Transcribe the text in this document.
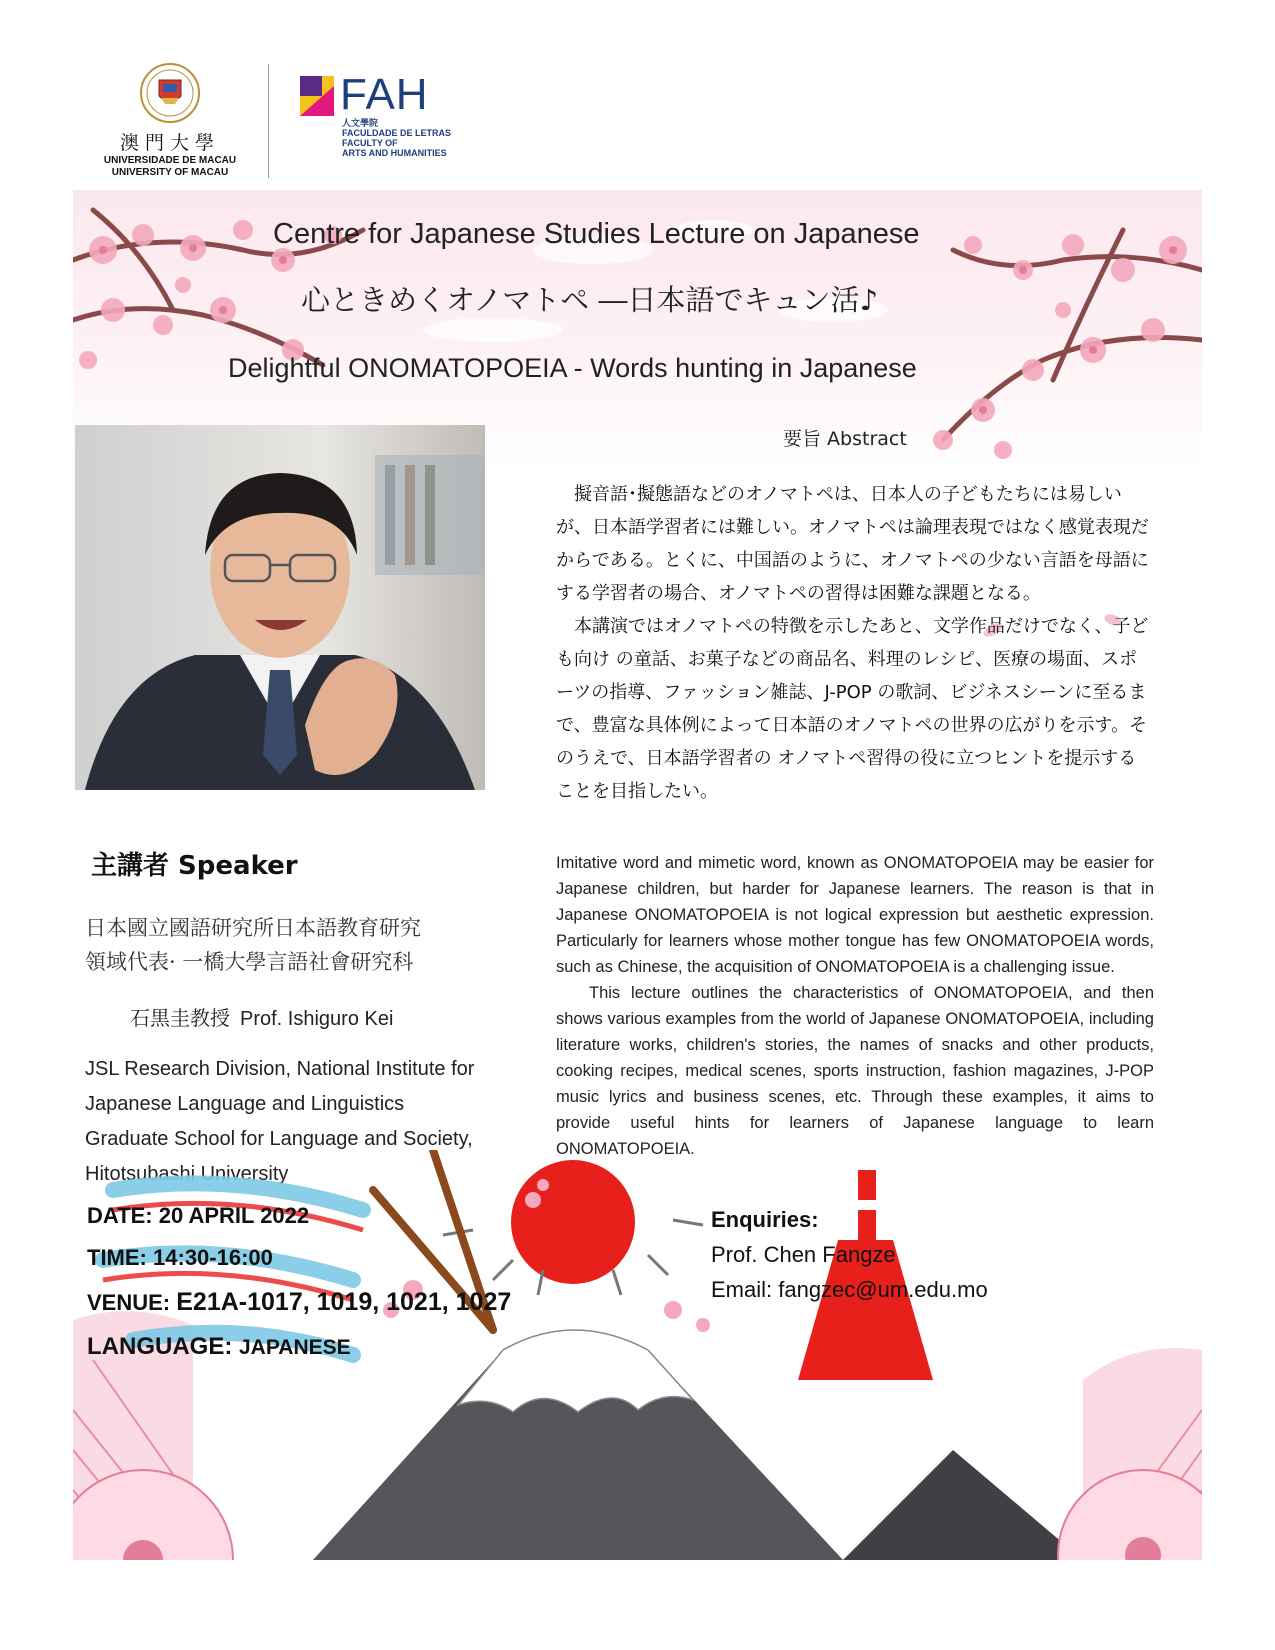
澳門大學
UNIVERSIDADE DE MACAU
UNIVERSITY OF MACAU
FAH
人文學院
FACULDADE DE LETRAS
FACULTY OF
ARTS AND HUMANITIES
Centre for Japanese Studies Lecture on Japanese
心ときめくオノマトペ ―日本語でキュン活♪
Delightful ONOMATOPOEIA - Words hunting in Japanese
要旨 Abstract

擬音語･擬態語などのオノマトペは、日本人の子どもたちには易しいが、日本語学習者には難しい。オノマトペは論理表現ではなく感覚表現だからである。とくに、中国語のように、オノマトペの少ない言語を母語にする学習者の場合、オノマトペの習得は困難な課題となる。

本講演ではオノマトペの特徴を示したあと、文学作品だけでなく、子ども向け の童話、お菓子などの商品名、料理のレシピ、医療の場面、スポーツの指導、ファッション雑誌、J-POP の歌詞、ビジネスシーンに至るまで、豊富な具体例によって日本語のオノマトペの世界の広がりを示す。そのうえで、日本語学習者の オノマトペ習得の役に立つヒントを提示することを目指したい。

Imitative word and mimetic word, known as ONOMATOPOEIA may be easier for Japanese children, but harder for Japanese learners. The reason is that in Japanese ONOMATOPOEIA is not logical expression but aesthetic expression. Particularly for learners whose mother tongue has few ONOMATOPOEIA words, such as Chinese, the acquisition of ONOMATOPOEIA is a challenging issue.

This lecture outlines the characteristics of ONOMATOPOEIA, and then shows various examples from the world of Japanese ONOMATOPOEIA, including literature works, children's stories, the names of snacks and other products, cooking recipes, medical scenes, sports instruction, fashion magazines, J-POP music lyrics and business scenes, etc. Through these examples, it aims to provide useful hints for learners of Japanese language to learn ONOMATOPOEIA.

主講者 Speaker
日本國立國語研究所日本語教育研究
領域代表· 一橋大學言語社會研究科
石黒圭教授 Prof. Ishiguro Kei
JSL Research Division, National Institute for
Japanese Language and Linguistics
Graduate School for Language and Society,
Hitotsubashi University
DATE: 20 APRIL 2022
TIME: 14:30-16:00
VENUE: E21A-1017, 1019, 1021, 1027
LANGUAGE: JAPANESE
Enquiries:
Prof. Chen Fangze
Email: fangzec@um.edu.mo
